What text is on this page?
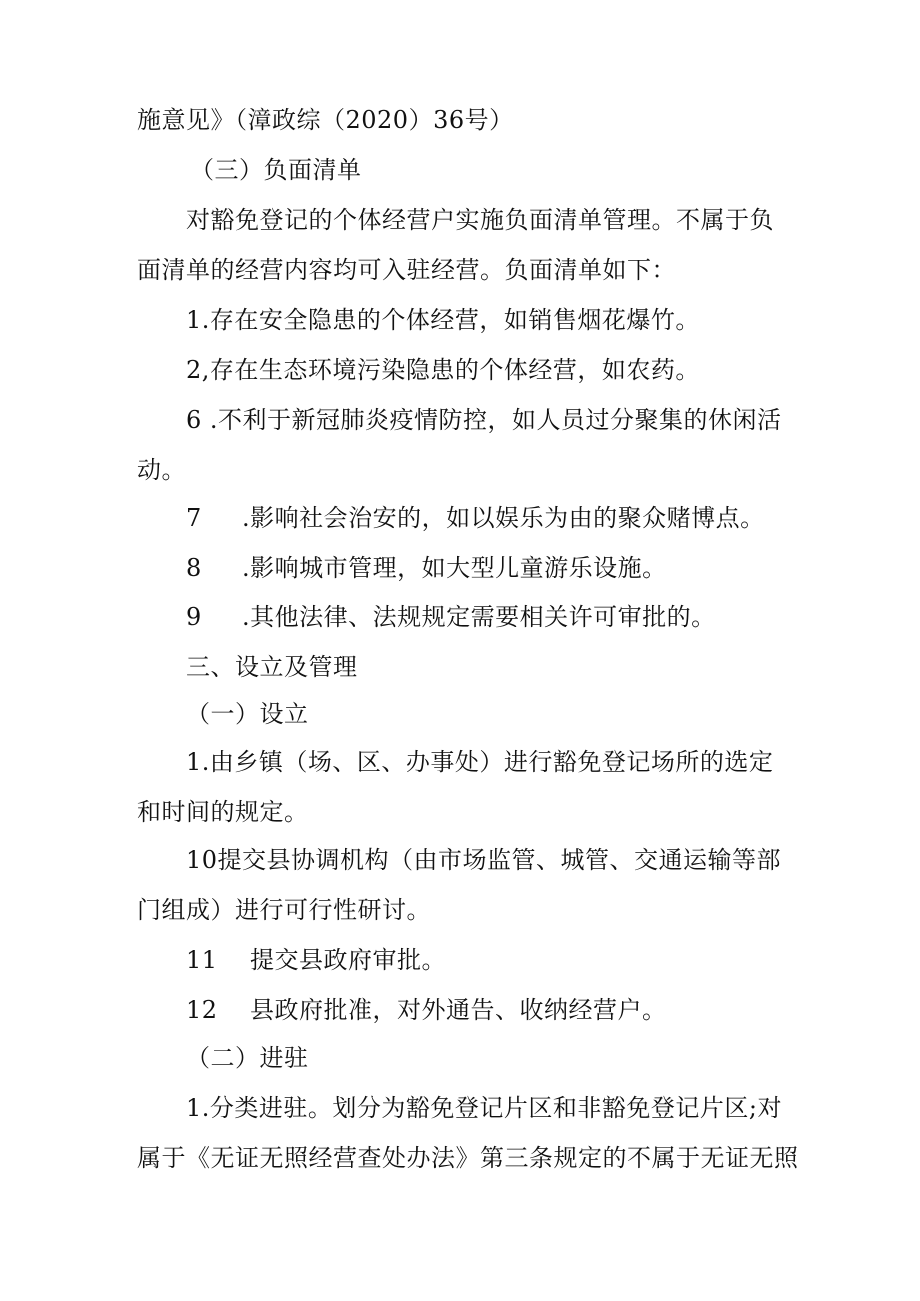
施意见》（漳政综（2020）36号）
（三）负面清单
对豁免登记的个体经营户实施负面清单管理。不属于负
面清单的经营内容均可入驻经营。负面清单如下：
1.存在安全隐患的个体经营，如销售烟花爆竹。
2,存在生态环境污染隐患的个体经营，如农药。
6 .不利于新冠肺炎疫情防控，如人员过分聚集的休闲活
动。
7 .影响社会治安的，如以娱乐为由的聚众赌博点。
8 .影响城市管理，如大型儿童游乐设施。
9 .其他法律、法规规定需要相关许可审批的。
三、设立及管理
（一）设立
1.由乡镇（场、区、办事处）进行豁免登记场所的选定
和时间的规定。
10提交县协调机构（由市场监管、城管、交通运输等部
门组成）进行可行性研讨。
11 提交县政府审批。
12 县政府批准，对外通告、收纳经营户。
（二）进驻
1.分类进驻。划分为豁免登记片区和非豁免登记片区;对
属于《无证无照经营查处办法》第三条规定的不属于无证无照
